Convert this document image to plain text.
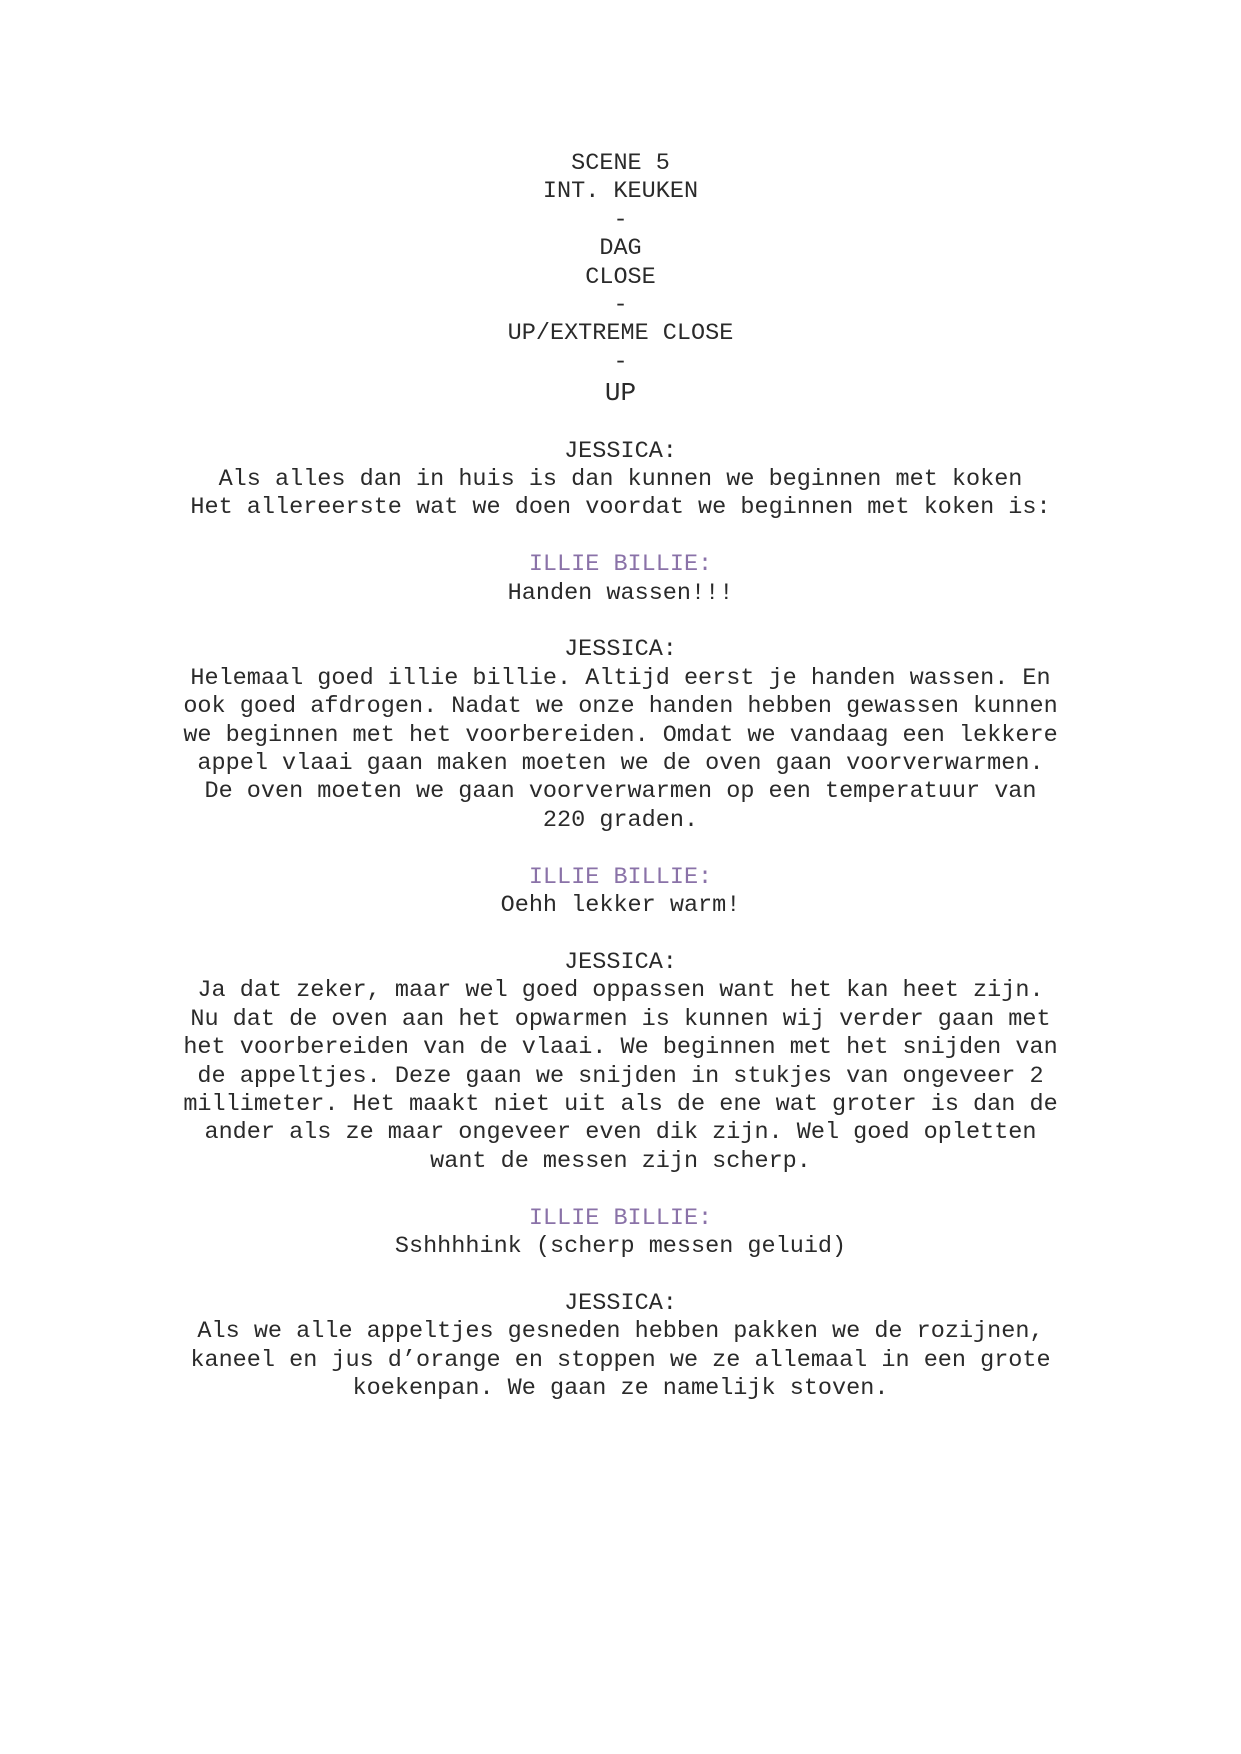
SCENE 5
INT. KEUKEN
-
DAG
CLOSE
-
UP/EXTREME CLOSE
-
UP
JESSICA:
Als alles dan in huis is dan kunnen we beginnen met koken
Het allereerste wat we doen voordat we beginnen met koken is:
ILLIE BILLIE:
Handen wassen!!!
JESSICA:
Helemaal goed illie billie. Altijd eerst je handen wassen. En
ook goed afdrogen. Nadat we onze handen hebben gewassen kunnen
we beginnen met het voorbereiden. Omdat we vandaag een lekkere
appel vlaai gaan maken moeten we de oven gaan voorverwarmen.
De oven moeten we gaan voorverwarmen op een temperatuur van
220 graden.
ILLIE BILLIE:
Oehh lekker warm!
JESSICA:
Ja dat zeker, maar wel goed oppassen want het kan heet zijn.
Nu dat de oven aan het opwarmen is kunnen wij verder gaan met
het voorbereiden van de vlaai. We beginnen met het snijden van
de appeltjes. Deze gaan we snijden in stukjes van ongeveer 2
millimeter. Het maakt niet uit als de ene wat groter is dan de
ander als ze maar ongeveer even dik zijn. Wel goed opletten
want de messen zijn scherp.
ILLIE BILLIE:
Sshhhhink (scherp messen geluid)
JESSICA:
Als we alle appeltjes gesneden hebben pakken we de rozijnen,
kaneel en jus d’orange en stoppen we ze allemaal in een grote
koekenpan. We gaan ze namelijk stoven.
